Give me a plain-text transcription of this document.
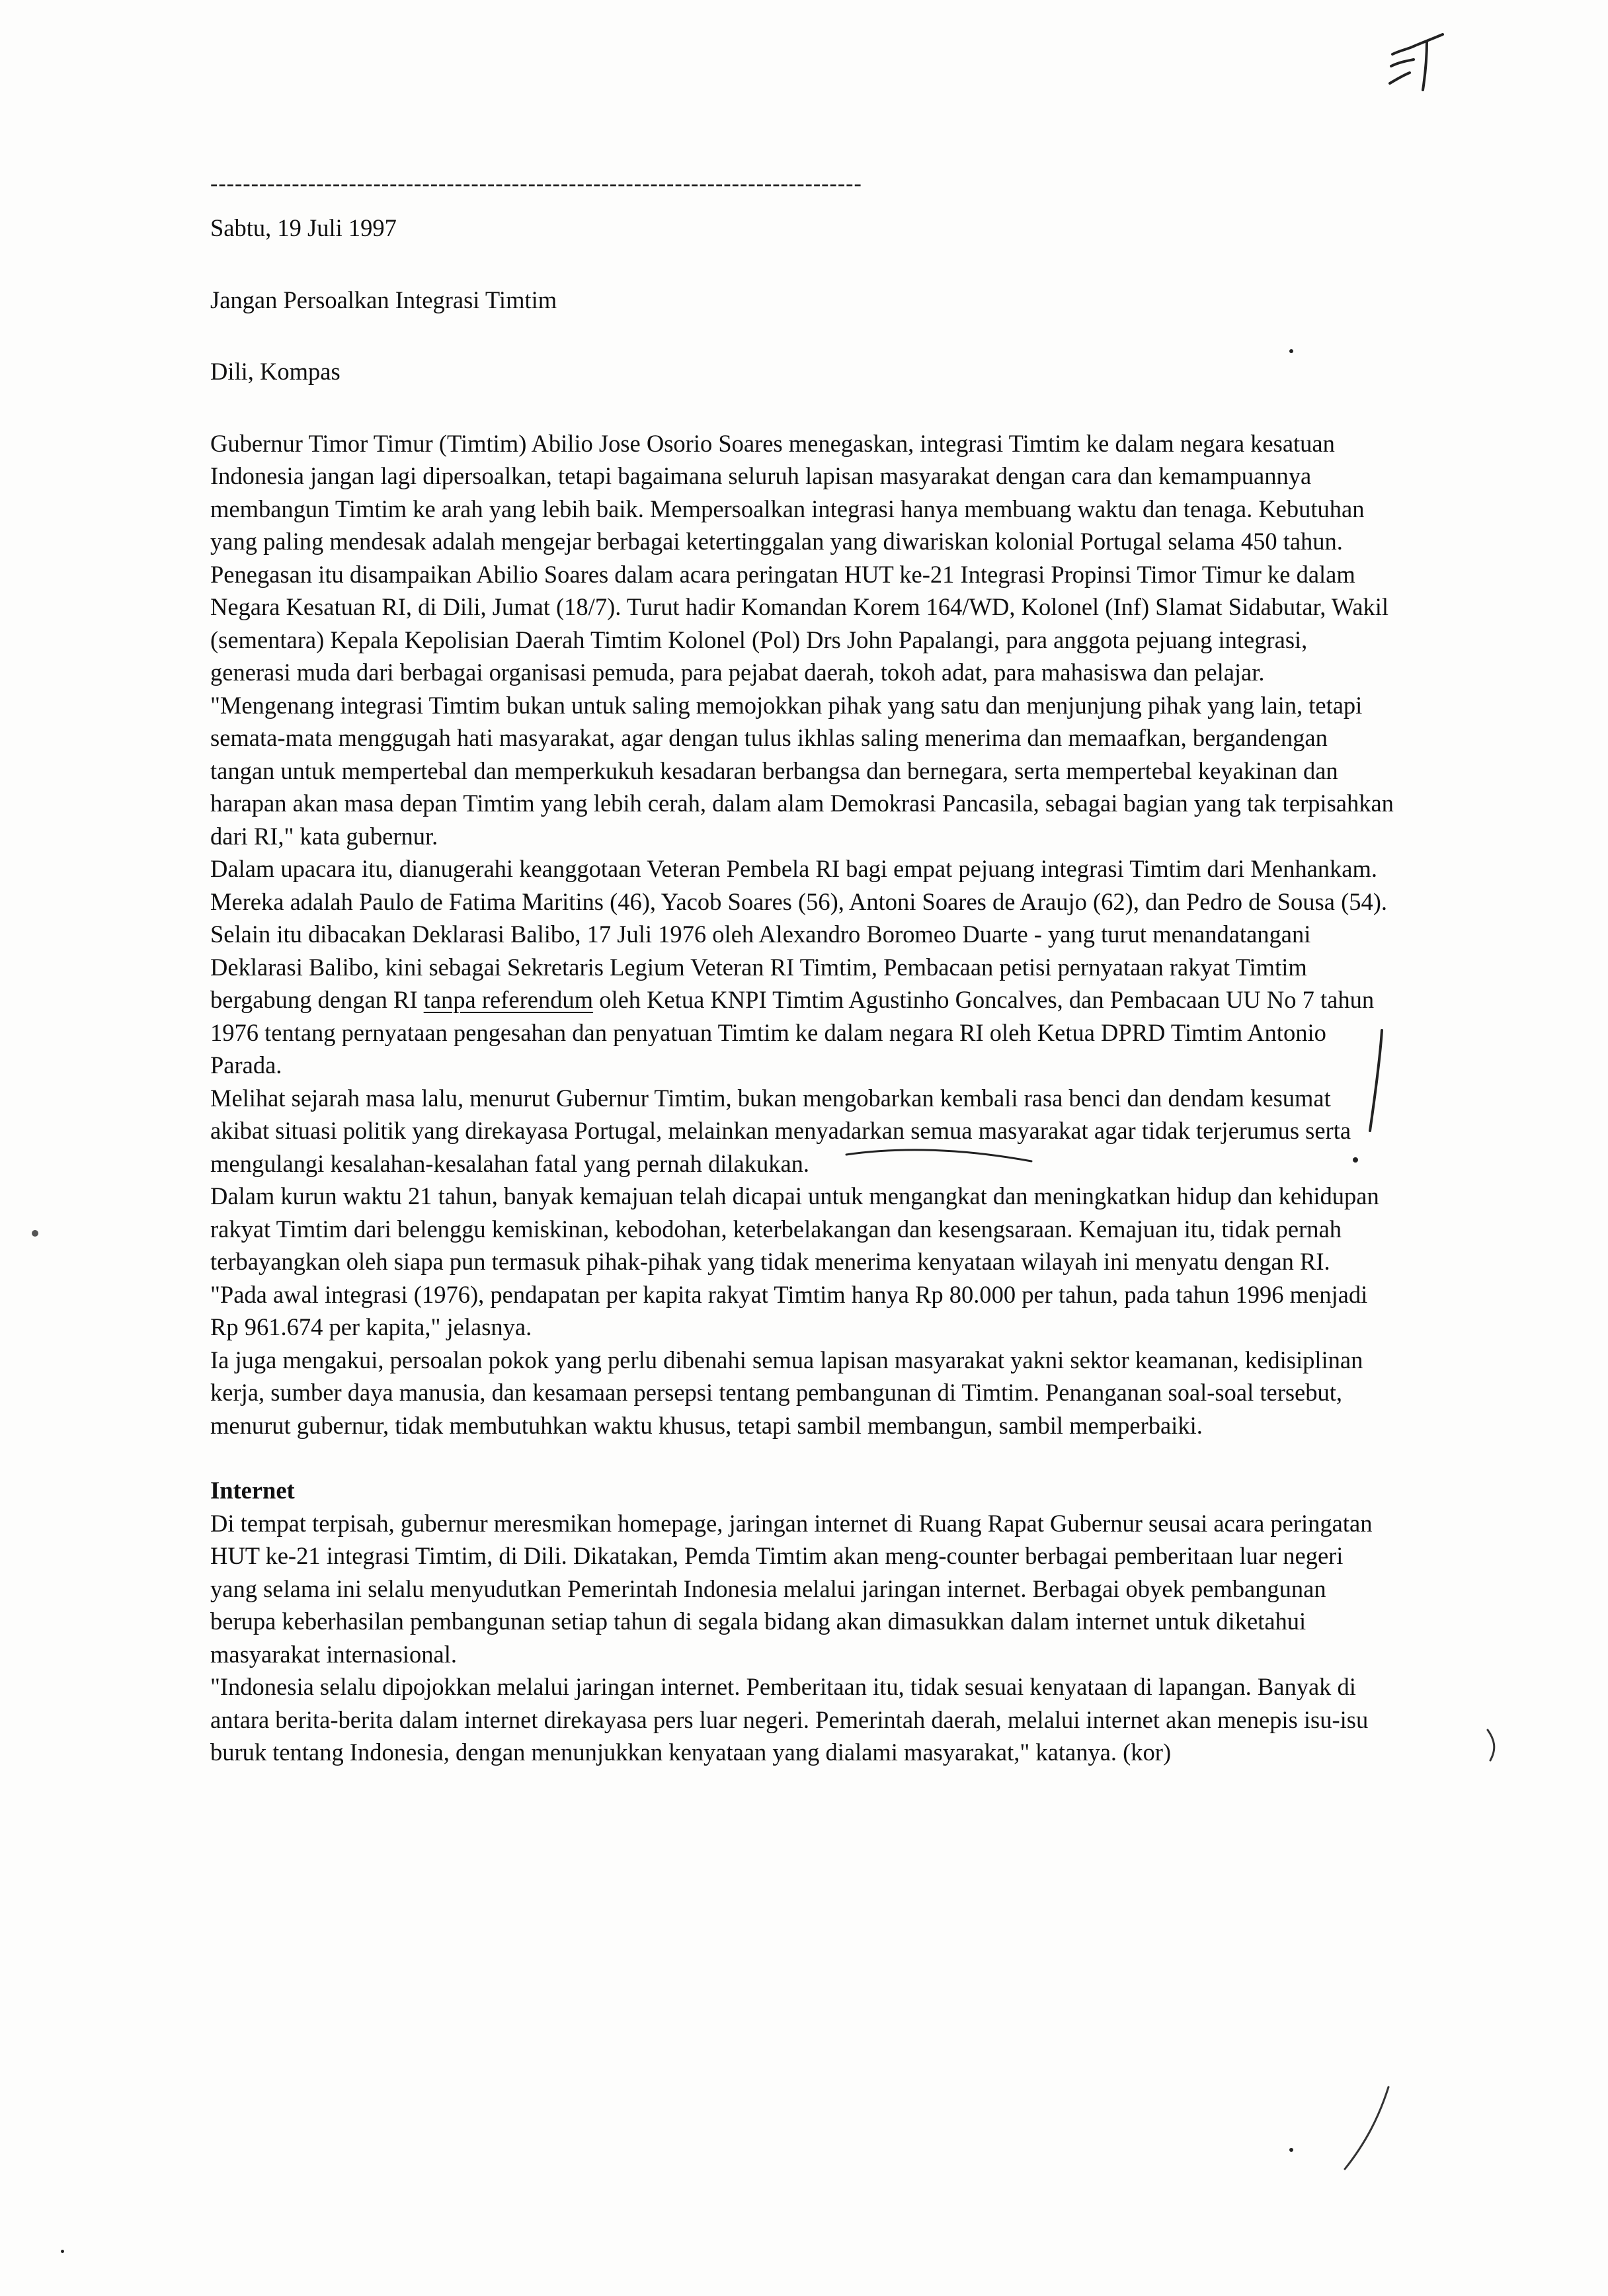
--------------------------------------------------------------------------------

Sabtu, 19 Juli 1997

Jangan Persoalkan Integrasi Timtim

Dili, Kompas

Gubernur Timor Timur (Timtim) Abilio Jose Osorio Soares menegaskan, integrasi Timtim ke dalam negara kesatuan Indonesia jangan lagi dipersoalkan, tetapi bagaimana seluruh lapisan masyarakat dengan cara dan kemampuannya membangun Timtim ke arah yang lebih baik. Mempersoalkan integrasi hanya membuang waktu dan tenaga. Kebutuhan yang paling mendesak adalah mengejar berbagai ketertinggalan yang diwariskan kolonial Portugal selama 450 tahun.

Penegasan itu disampaikan Abilio Soares dalam acara peringatan HUT ke-21 Integrasi Propinsi Timor Timur ke dalam Negara Kesatuan RI, di Dili, Jumat (18/7). Turut hadir Komandan Korem 164/WD, Kolonel (Inf) Slamat Sidabutar, Wakil (sementara) Kepala Kepolisian Daerah Timtim Kolonel (Pol) Drs John Papalangi, para anggota pejuang integrasi, generasi muda dari berbagai organisasi pemuda, para pejabat daerah, tokoh adat, para mahasiswa dan pelajar.

"Mengenang integrasi Timtim bukan untuk saling memojokkan pihak yang satu dan menjunjung pihak yang lain, tetapi semata-mata menggugah hati masyarakat, agar dengan tulus ikhlas saling menerima dan memaafkan, bergandengan tangan untuk mempertebal dan memperkukuh kesadaran berbangsa dan bernegara, serta mempertebal keyakinan dan harapan akan masa depan Timtim yang lebih cerah, dalam alam Demokrasi Pancasila, sebagai bagian yang tak terpisahkan dari RI," kata gubernur.

Dalam upacara itu, dianugerahi keanggotaan Veteran Pembela RI bagi empat pejuang integrasi Timtim dari Menhankam. Mereka adalah Paulo de Fatima Maritins (46), Yacob Soares (56), Antoni Soares de Araujo (62), dan Pedro de Sousa (54).

Selain itu dibacakan Deklarasi Balibo, 17 Juli 1976 oleh Alexandro Boromeo Duarte - yang turut menandatangani Deklarasi Balibo, kini sebagai Sekretaris Legium Veteran RI Timtim, Pembacaan petisi pernyataan rakyat Timtim bergabung dengan RI tanpa referendum oleh Ketua KNPI Timtim Agustinho Goncalves, dan Pembacaan UU No 7 tahun 1976 tentang pernyataan pengesahan dan penyatuan Timtim ke dalam negara RI oleh Ketua DPRD Timtim Antonio Parada.

Melihat sejarah masa lalu, menurut Gubernur Timtim, bukan mengobarkan kembali rasa benci dan dendam kesumat akibat situasi politik yang direkayasa Portugal, melainkan menyadarkan semua masyarakat agar tidak terjerumus serta mengulangi kesalahan-kesalahan fatal yang pernah dilakukan.

Dalam kurun waktu 21 tahun, banyak kemajuan telah dicapai untuk mengangkat dan meningkatkan hidup dan kehidupan rakyat Timtim dari belenggu kemiskinan, kebodohan, keterbelakangan dan kesengsaraan. Kemajuan itu, tidak pernah terbayangkan oleh siapa pun termasuk pihak-pihak yang tidak menerima kenyataan wilayah ini menyatu dengan RI.

"Pada awal integrasi (1976), pendapatan per kapita rakyat Timtim hanya Rp 80.000 per tahun, pada tahun 1996 menjadi Rp 961.674 per kapita," jelasnya.

Ia juga mengakui, persoalan pokok yang perlu dibenahi semua lapisan masyarakat yakni sektor keamanan, kedisiplinan kerja, sumber daya manusia, dan kesamaan persepsi tentang pembangunan di Timtim. Penanganan soal-soal tersebut, menurut gubernur, tidak membutuhkan waktu khusus, tetapi sambil membangun, sambil memperbaiki.

Internet

Di tempat terpisah, gubernur meresmikan homepage, jaringan internet di Ruang Rapat Gubernur seusai acara peringatan HUT ke-21 integrasi Timtim, di Dili. Dikatakan, Pemda Timtim akan meng-counter berbagai pemberitaan luar negeri yang selama ini selalu menyudutkan Pemerintah Indonesia melalui jaringan internet. Berbagai obyek pembangunan berupa keberhasilan pembangunan setiap tahun di segala bidang akan dimasukkan dalam internet untuk diketahui masyarakat internasional.

"Indonesia selalu dipojokkan melalui jaringan internet. Pemberitaan itu, tidak sesuai kenyataan di lapangan. Banyak di antara berita-berita dalam internet direkayasa pers luar negeri. Pemerintah daerah, melalui internet akan menepis isu-isu buruk tentang Indonesia, dengan menunjukkan kenyataan yang dialami masyarakat," katanya. (kor)
